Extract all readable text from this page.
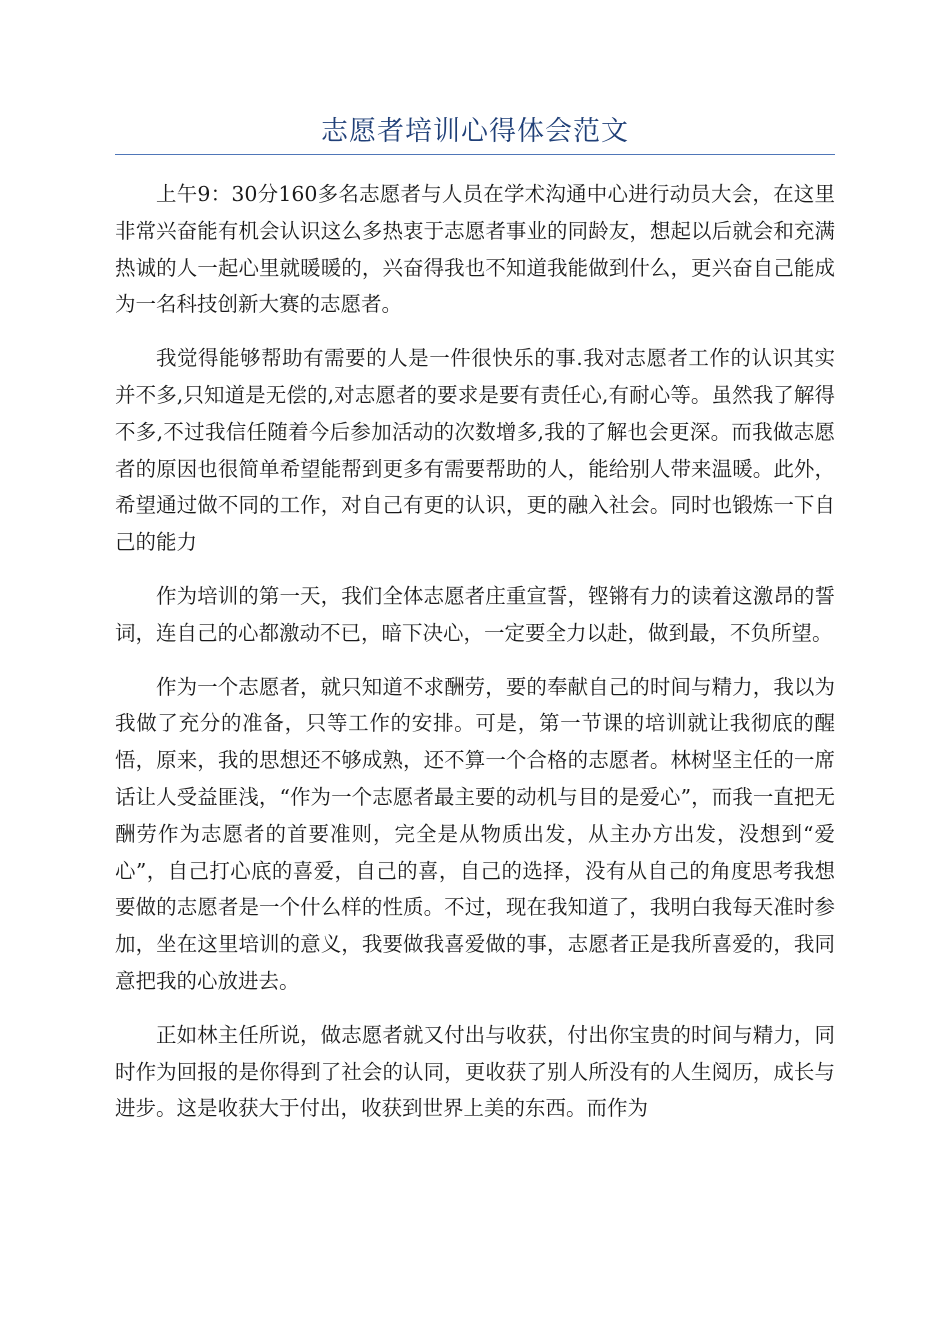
志愿者培训心得体会范文

上午9：30分160多名志愿者与人员在学术沟通中心进行动员大会，在这里非常兴奋能有机会认识这么多热衷于志愿者事业的同龄友，想起以后就会和充满热诚的人一起心里就暖暖的，兴奋得我也不知道我能做到什么，更兴奋自己能成为一名科技创新大赛的志愿者。

我觉得能够帮助有需要的人是一件很快乐的事.我对志愿者工作的认识其实并不多,只知道是无偿的,对志愿者的要求是要有责任心,有耐心等。虽然我了解得不多,不过我信任随着今后参加活动的次数增多,我的了解也会更深。而我做志愿者的原因也很简单希望能帮到更多有需要帮助的人，能给别人带来温暖。此外，希望通过做不同的工作，对自己有更的认识，更的融入社会。同时也锻炼一下自己的能力

作为培训的第一天，我们全体志愿者庄重宣誓，铿锵有力的读着这激昂的誓词，连自己的心都激动不已，暗下决心，一定要全力以赴，做到最，不负所望。

作为一个志愿者，就只知道不求酬劳，要的奉献自己的时间与精力，我以为我做了充分的准备，只等工作的安排。可是，第一节课的培训就让我彻底的醒悟，原来，我的思想还不够成熟，还不算一个合格的志愿者。林树坚主任的一席话让人受益匪浅，“作为一个志愿者最主要的动机与目的是爱心”，而我一直把无酬劳作为志愿者的首要准则，完全是从物质出发，从主办方出发，没想到“爱心”，自己打心底的喜爱，自己的喜，自己的选择，没有从自己的角度思考我想要做的志愿者是一个什么样的性质。不过，现在我知道了，我明白我每天准时参加，坐在这里培训的意义，我要做我喜爱做的事，志愿者正是我所喜爱的，我同意把我的心放进去。

正如林主任所说，做志愿者就又付出与收获，付出你宝贵的时间与精力，同时作为回报的是你得到了社会的认同，更收获了别人所没有的人生阅历，成长与进步。这是收获大于付出，收获到世界上美的东西。而作为
